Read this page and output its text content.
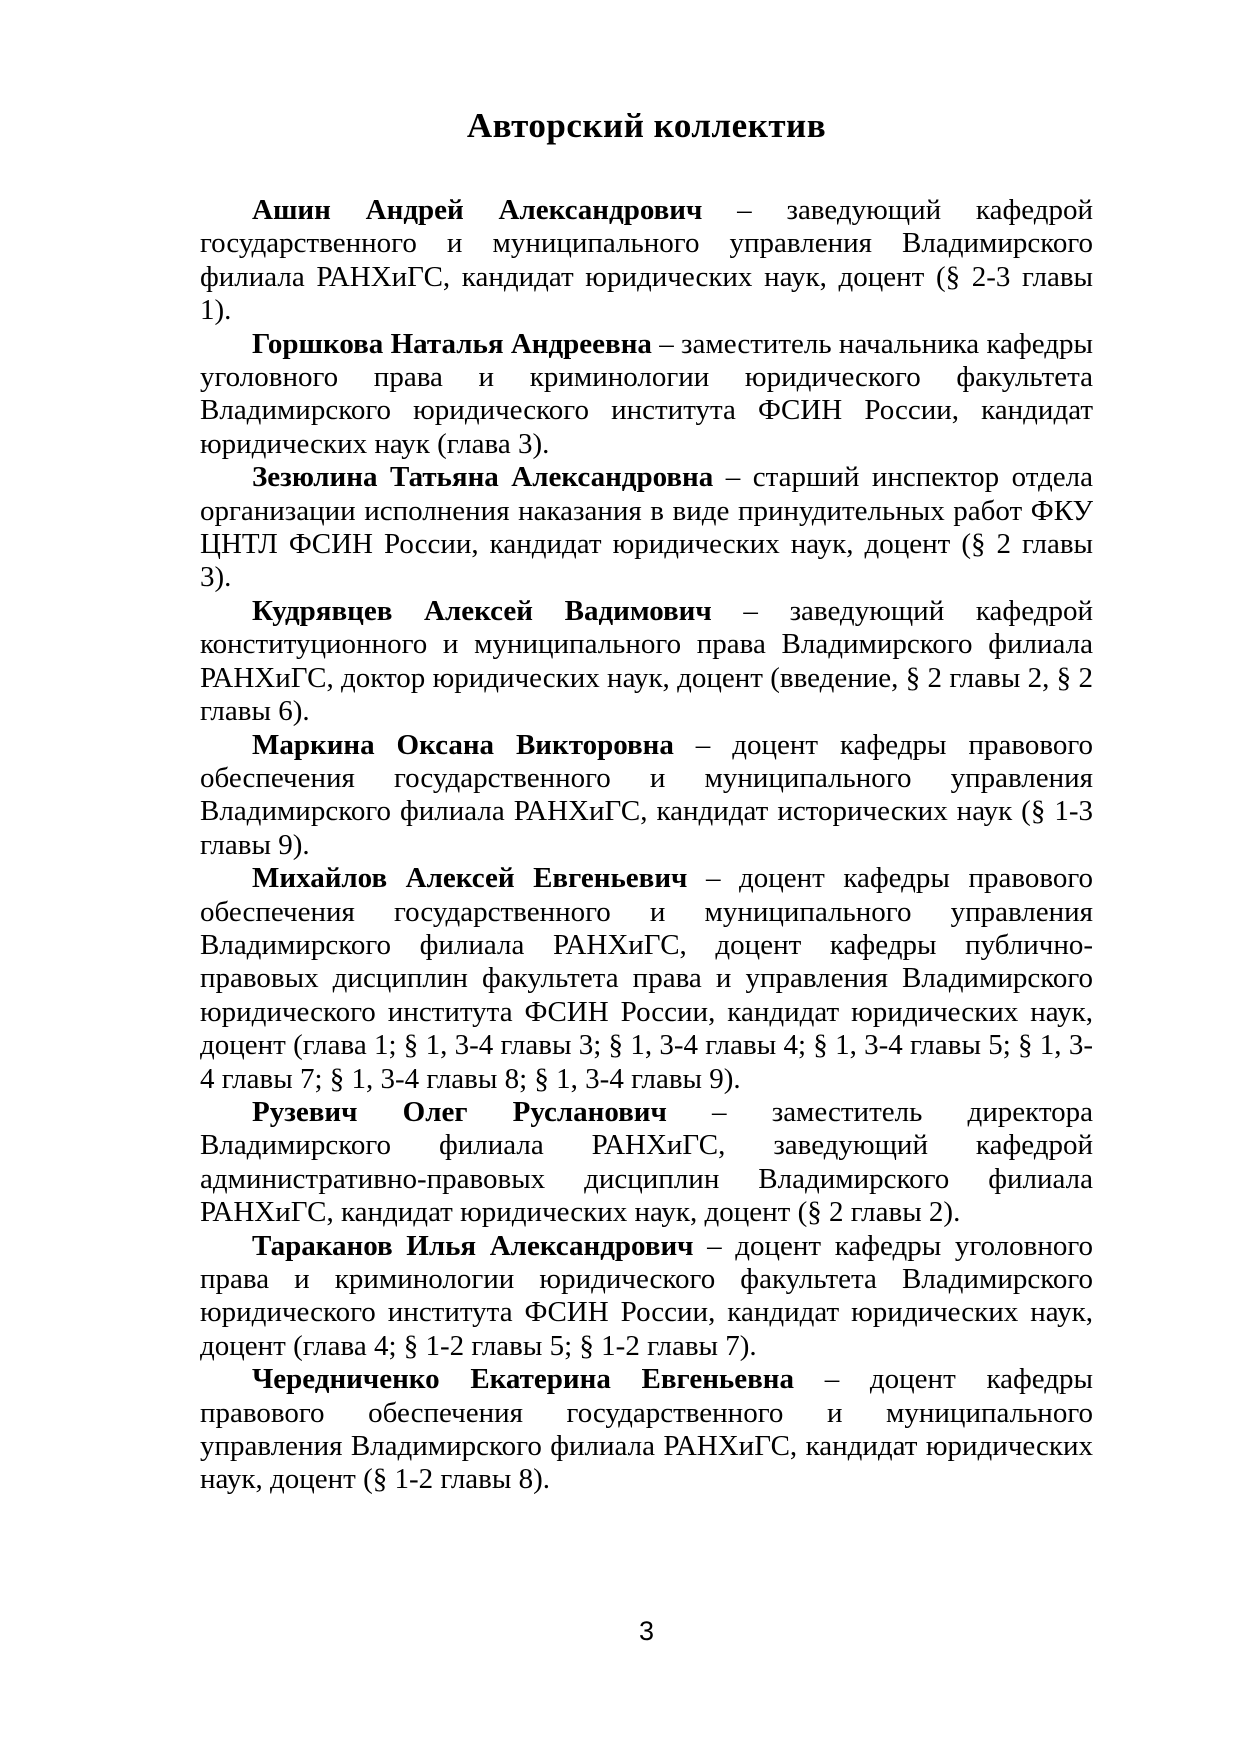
Авторский коллектив

Ашин Андрей Александрович – заведующий кафедрой государственного и муниципального управления Владимирского филиала РАНХиГС, кандидат юридических наук, доцент (§ 2-3 главы 1).

Горшкова Наталья Андреевна – заместитель начальника кафедры уголовного права и криминологии юридического факультета Владимирского юридического института ФСИН России, кандидат юридических наук (глава 3).

Зезюлина Татьяна Александровна – старший инспектор отдела организации исполнения наказания в виде принудительных работ ФКУ ЦНТЛ ФСИН России, кандидат юридических наук, доцент (§ 2 главы 3).

Кудрявцев Алексей Вадимович – заведующий кафедрой конституционного и муниципального права Владимирского филиала РАНХиГС, доктор юридических наук, доцент (введение, § 2 главы 2, § 2 главы 6).

Маркина Оксана Викторовна – доцент кафедры правового обеспечения государственного и муниципального управления Владимирского филиала РАНХиГС, кандидат исторических наук (§ 1-3 главы 9).

Михайлов Алексей Евгеньевич – доцент кафедры правового обеспечения государственного и муниципального управления Владимирского филиала РАНХиГС, доцент кафедры публично-правовых дисциплин факультета права и управления Владимирского юридического института ФСИН России, кандидат юридических наук, доцент (глава 1; § 1, 3-4 главы 3; § 1, 3-4 главы 4; § 1, 3-4 главы 5; § 1, 3-4 главы 7; § 1, 3-4 главы 8; § 1, 3-4 главы 9).

Рузевич Олег Русланович – заместитель директора Владимирского филиала РАНХиГС, заведующий кафедрой административно-правовых дисциплин Владимирского филиала РАНХиГС, кандидат юридических наук, доцент (§ 2 главы 2).

Тараканов Илья Александрович – доцент кафедры уголовного права и криминологии юридического факультета Владимирского юридического института ФСИН России, кандидат юридических наук, доцент (глава 4; § 1-2 главы 5; § 1-2 главы 7).

Чередниченко Екатерина Евгеньевна – доцент кафедры правового обеспечения государственного и муниципального управления Владимирского филиала РАНХиГС, кандидат юридических наук, доцент (§ 1-2 главы 8).

3
